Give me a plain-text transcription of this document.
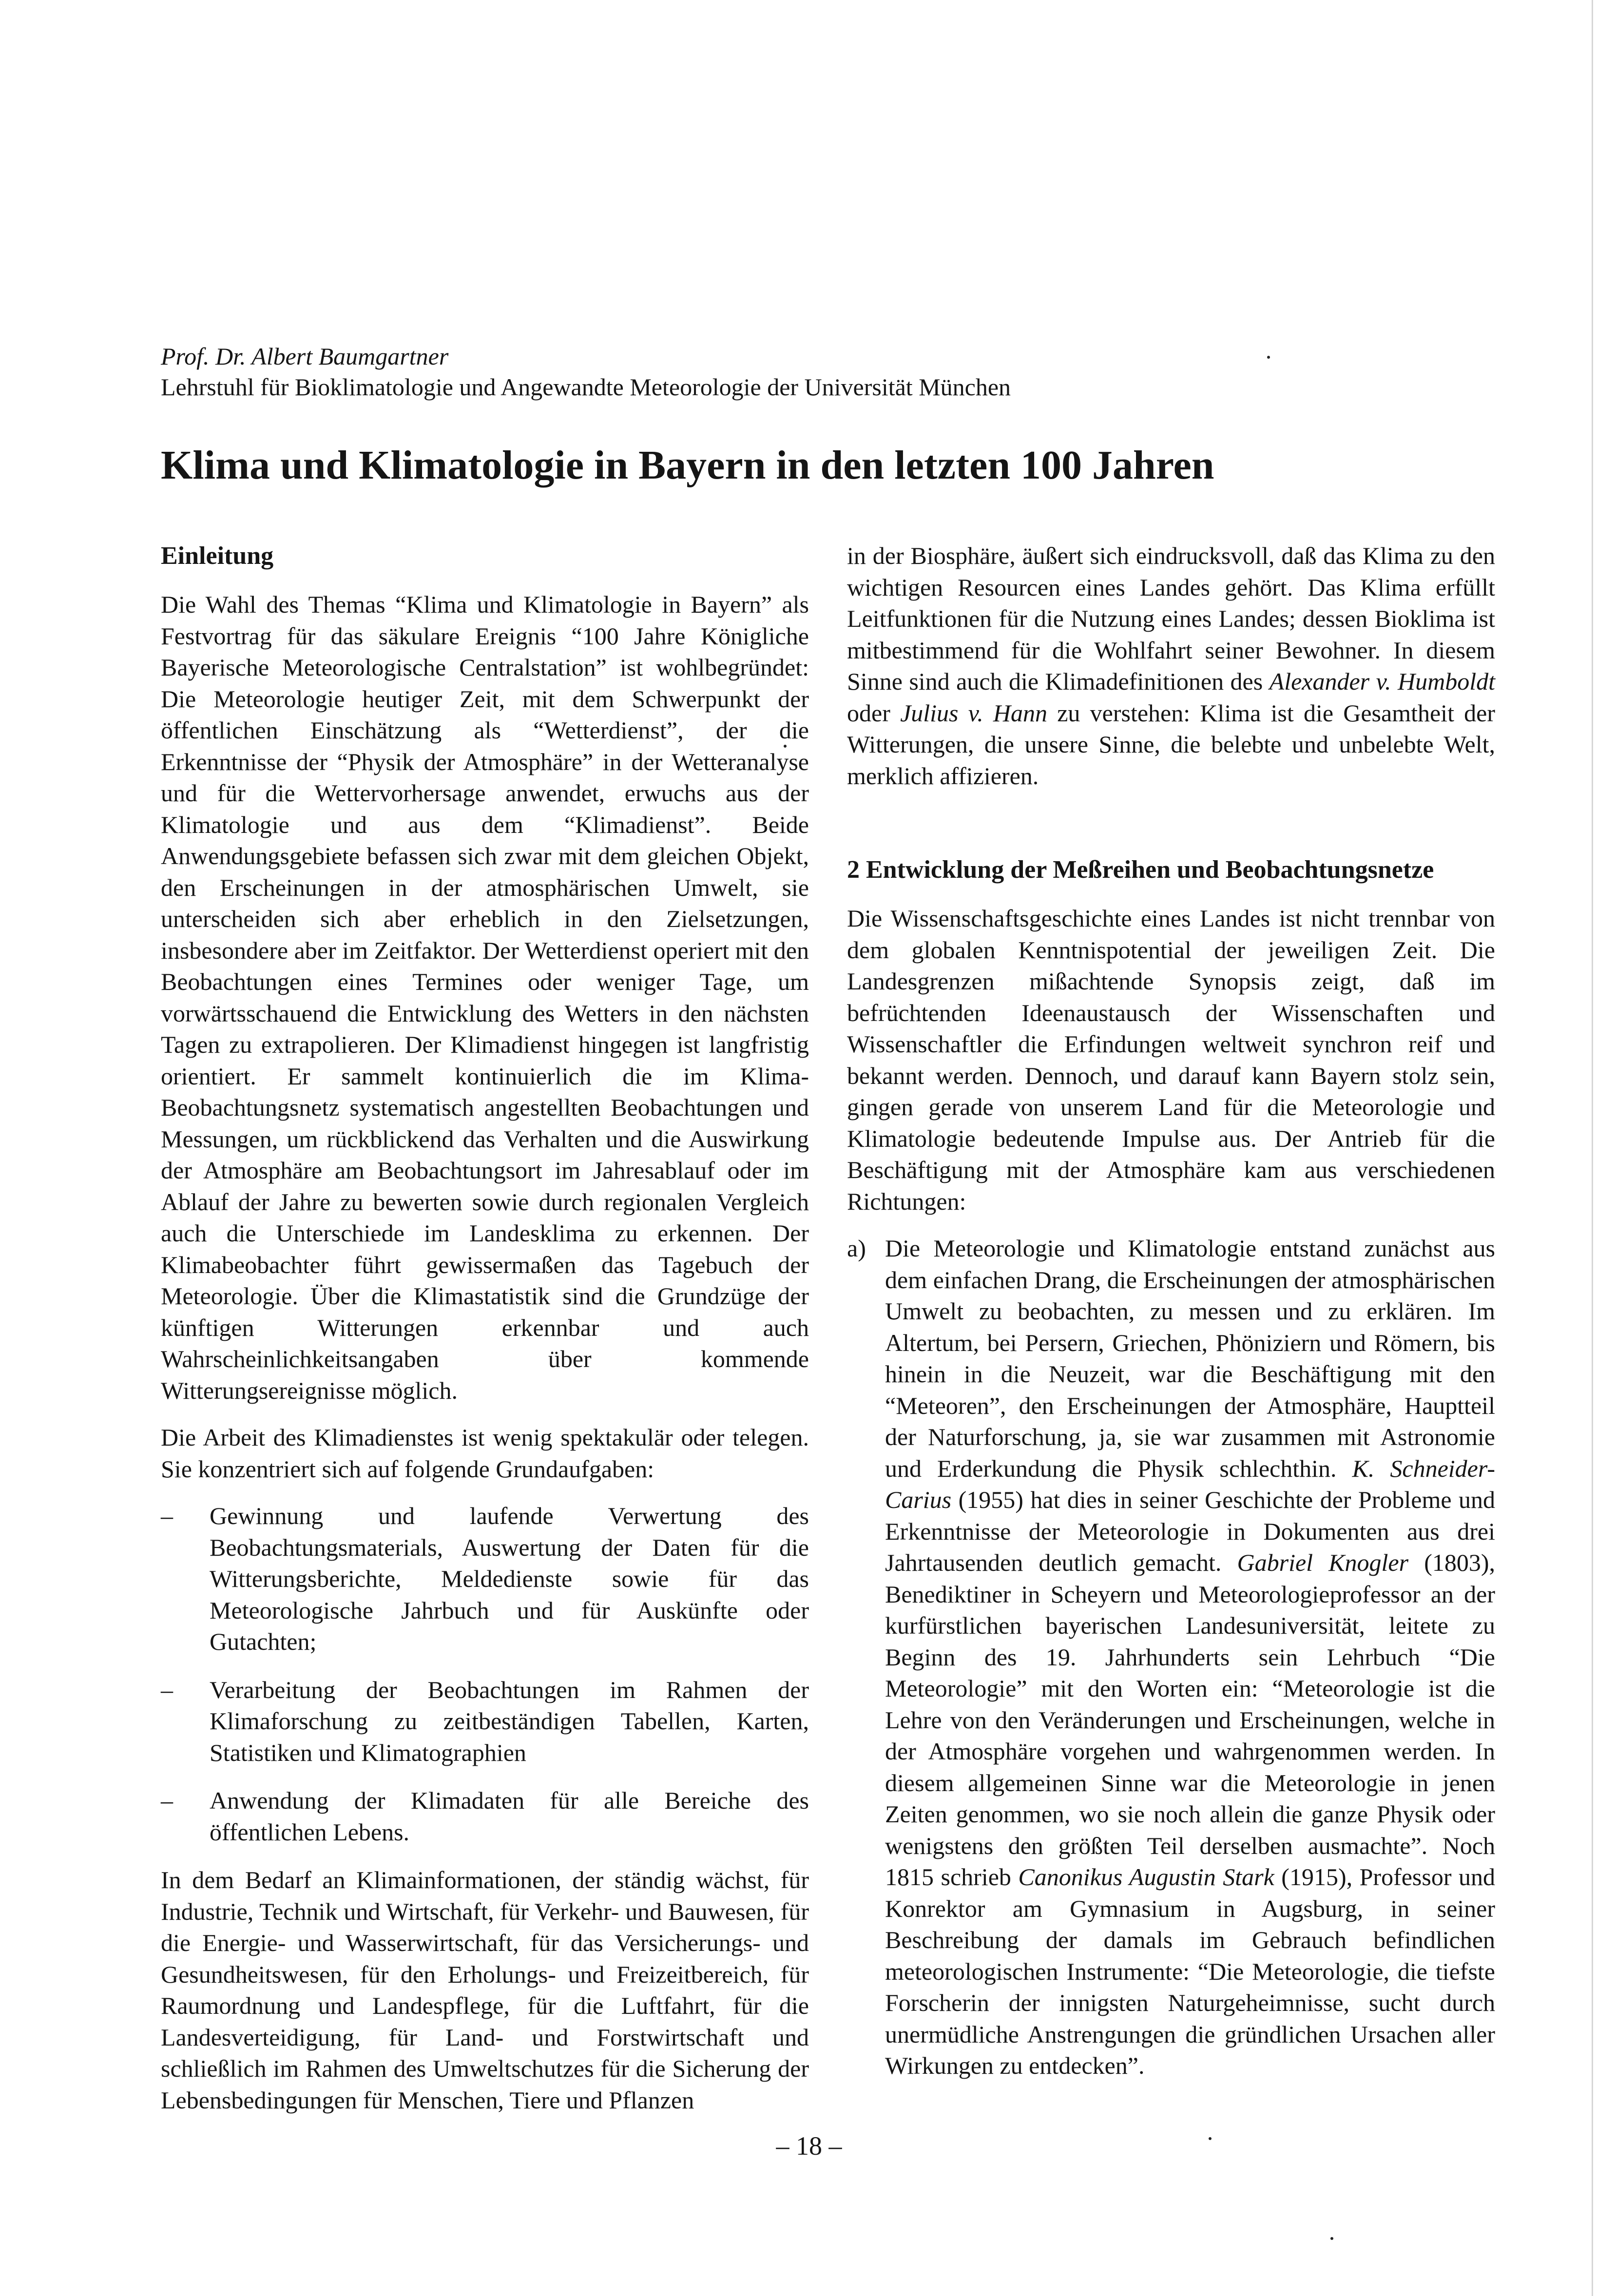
Prof. Dr. Albert Baumgartner
Lehrstuhl für Bioklimatologie und Angewandte Meteorologie der Universität München
Klima und Klimatologie in Bayern in den letzten 100 Jahren
Einleitung

Die Wahl des Themas “Klima und Klimatologie in Bayern” als Festvortrag für das säkulare Ereignis “100 Jahre Königliche Bayerische Meteorologische Centralstation” ist wohlbegründet: Die Meteorologie heutiger Zeit, mit dem Schwerpunkt der öffentlichen Einschätzung als “Wetterdienst”, der die Erkenntnisse der “Physik der Atmosphäre” in der Wetteranalyse und für die Wettervorhersage anwendet, erwuchs aus der Klimatologie und aus dem “Klimadienst”. Beide Anwendungsgebiete befassen sich zwar mit dem gleichen Objekt, den Erscheinungen in der atmosphärischen Umwelt, sie unterscheiden sich aber erheblich in den Zielsetzungen, insbesondere aber im Zeitfaktor. Der Wetterdienst operiert mit den Beobachtungen eines Termines oder weniger Tage, um vorwärtsschauend die Entwicklung des Wetters in den nächsten Tagen zu extrapolieren. Der Klimadienst hingegen ist langfristig orientiert. Er sammelt kontinuierlich die im Klima-Beobachtungsnetz systematisch angestellten Beobachtungen und Messungen, um rückblickend das Verhalten und die Auswirkung der Atmosphäre am Beobachtungsort im Jahresablauf oder im Ablauf der Jahre zu bewerten sowie durch regionalen Vergleich auch die Unterschiede im Landesklima zu erkennen. Der Klimabeobachter führt gewissermaßen das Tagebuch der Meteorologie. Über die Klimastatistik sind die Grundzüge der künftigen Witterungen erkennbar und auch Wahrscheinlichkeitsangaben über kommende Witterungsereignisse möglich.

Die Arbeit des Klimadienstes ist wenig spektakulär oder telegen. Sie konzentriert sich auf folgende Grundaufgaben:

– Gewinnung und laufende Verwertung des Beobachtungsmaterials, Auswertung der Daten für die Witterungsberichte, Meldedienste sowie für das Meteorologische Jahrbuch und für Auskünfte oder Gutachten;
– Verarbeitung der Beobachtungen im Rahmen der Klimaforschung zu zeitbeständigen Tabellen, Karten, Statistiken und Klimatographien
– Anwendung der Klimadaten für alle Bereiche des öffentlichen Lebens.

In dem Bedarf an Klimainformationen, der ständig wächst, für Industrie, Technik und Wirtschaft, für Verkehr- und Bauwesen, für die Energie- und Wasserwirtschaft, für das Versicherungs- und Gesundheitswesen, für den Erholungs- und Freizeitbereich, für Raumordnung und Landespflege, für die Luftfahrt, für die Landesverteidigung, für Land- und Forstwirtschaft und schließlich im Rahmen des Umweltschutzes für die Sicherung der Lebensbedingungen für Menschen, Tiere und Pflanzen

in der Biosphäre, äußert sich eindrucksvoll, daß das Klima zu den wichtigen Resourcen eines Landes gehört. Das Klima erfüllt Leitfunktionen für die Nutzung eines Landes; dessen Bioklima ist mitbestimmend für die Wohlfahrt seiner Bewohner. In diesem Sinne sind auch die Klimadefinitionen des Alexander v. Humboldt oder Julius v. Hann zu verstehen: Klima ist die Gesamtheit der Witterungen, die unsere Sinne, die belebte und unbelebte Welt, merklich affizieren.

2 Entwicklung der Meßreihen und Beobachtungsnetze

Die Wissenschaftsgeschichte eines Landes ist nicht trennbar von dem globalen Kenntnispotential der jeweiligen Zeit. Die Landesgrenzen mißachtende Synopsis zeigt, daß im befrüchtenden Ideenaustausch der Wissenschaften und Wissenschaftler die Erfindungen weltweit synchron reif und bekannt werden. Dennoch, und darauf kann Bayern stolz sein, gingen gerade von unserem Land für die Meteorologie und Klimatologie bedeutende Impulse aus. Der Antrieb für die Beschäftigung mit der Atmosphäre kam aus verschiedenen Richtungen:

a) Die Meteorologie und Klimatologie entstand zunächst aus dem einfachen Drang, die Erscheinungen der atmosphärischen Umwelt zu beobachten, zu messen und zu erklären. Im Altertum, bei Persern, Griechen, Phöniziern und Römern, bis hinein in die Neuzeit, war die Beschäftigung mit den “Meteoren”, den Erscheinungen der Atmosphäre, Hauptteil der Naturforschung, ja, sie war zusammen mit Astronomie und Erderkundung die Physik schlechthin. K. Schneider-Carius (1955) hat dies in seiner Geschichte der Probleme und Erkenntnisse der Meteorologie in Dokumenten aus drei Jahrtausenden deutlich gemacht. Gabriel Knogler (1803), Benediktiner in Scheyern und Meteorologieprofessor an der kurfürstlichen bayerischen Landesuniversität, leitete zu Beginn des 19. Jahrhunderts sein Lehrbuch “Die Meteorologie” mit den Worten ein: “Meteorologie ist die Lehre von den Veränderungen und Erscheinungen, welche in der Atmosphäre vorgehen und wahrgenommen werden. In diesem allgemeinen Sinne war die Meteorologie in jenen Zeiten genommen, wo sie noch allein die ganze Physik oder wenigstens den größten Teil derselben ausmachte”. Noch 1815 schrieb Canonikus Augustin Stark (1915), Professor und Konrektor am Gymnasium in Augsburg, in seiner Beschreibung der damals im Gebrauch befindlichen meteorologischen Instrumente: “Die Meteorologie, die tiefste Forscherin der innigsten Naturgeheimnisse, sucht durch unermüdliche Anstrengungen die gründlichen Ursachen aller Wirkungen zu entdecken”.
– 18 –
